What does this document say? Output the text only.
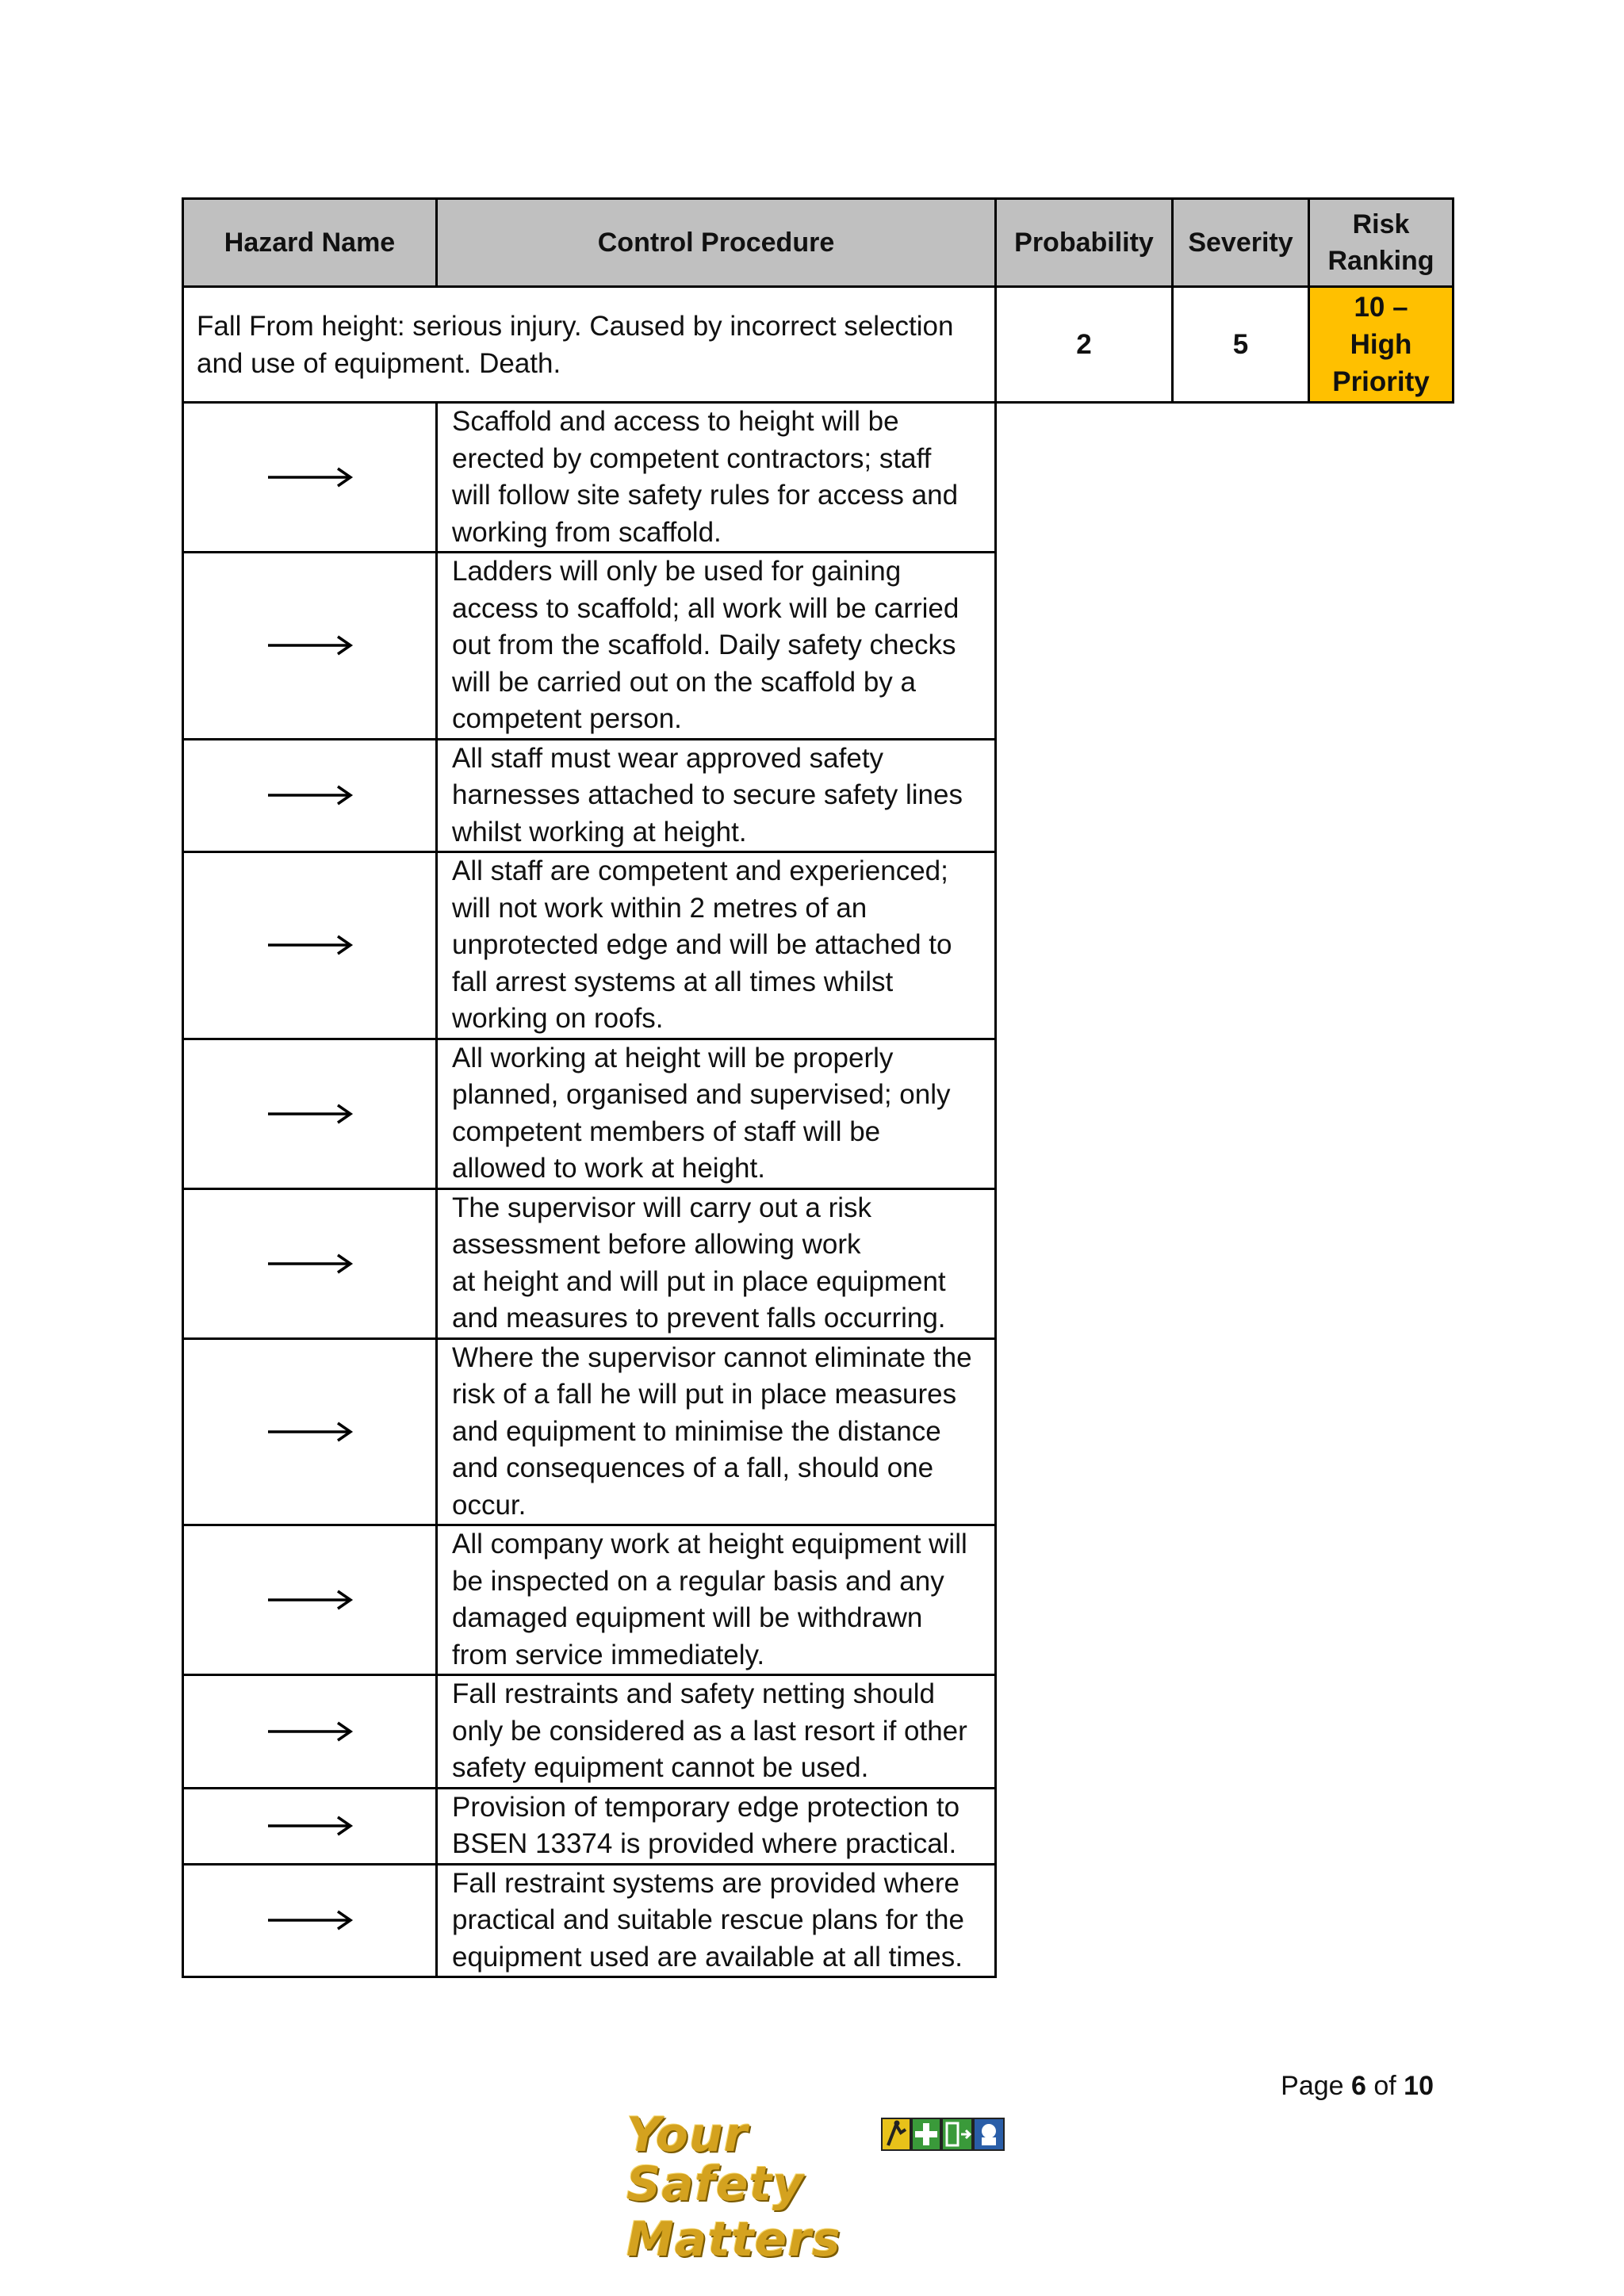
Hazard Name	Control Procedure	Probability	Severity	Risk
Ranking
Fall From height: serious injury. Caused by incorrect selection
and use of equipment. Death.		2	5	10 –
High
Priority
	Scaffold and access to height will be
erected by competent contractors; staff
will follow site safety rules for access and
working from scaffold.			
	Ladders will only be used for gaining
access to scaffold; all work will be carried
out from the scaffold. Daily safety checks
will be carried out on the scaffold by a
competent person.			
	All staff must wear approved safety
harnesses attached to secure safety lines
whilst working at height.			
	All staff are competent and experienced;
will not work within 2 metres of an
unprotected edge and will be attached to
fall arrest systems at all times whilst
working on roofs.			
	All working at height will be properly
planned, organised and supervised; only
competent members of staff will be
allowed to work at height.			
	The supervisor will carry out a risk
assessment before allowing work
at height and will put in place equipment
and measures to prevent falls occurring.			
	Where the supervisor cannot eliminate the
risk of a fall he will put in place measures
and equipment to minimise the distance
and consequences of a fall, should one
occur.			
	All company work at height equipment will
be inspected on a regular basis and any
damaged equipment will be withdrawn
from service immediately.			
	Fall restraints and safety netting should
only be considered as a last resort if other
safety equipment cannot be used.			
	Provision of temporary edge protection to
BSEN 13374 is provided where practical.			
	Fall restraint systems are provided where
practical and suitable rescue plans for the
equipment used are available at all times.			
Page 6 of 10
Your
Safety Matters
